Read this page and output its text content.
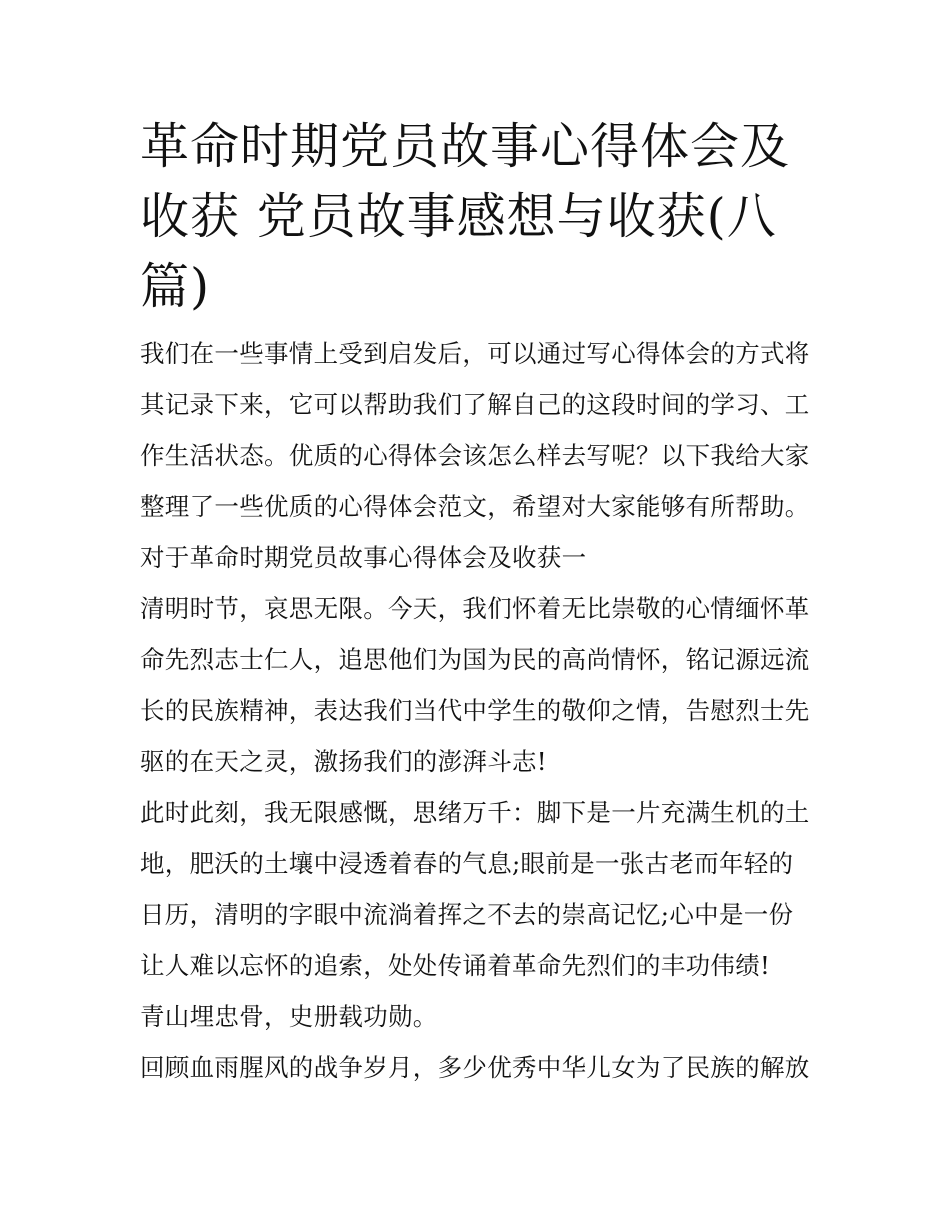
革命时期党员故事心得体会及收获 党员故事感想与收获(八篇)

我们在一些事情上受到启发后，可以通过写心得体会的方式将其记录下来，它可以帮助我们了解自己的这段时间的学习、工作生活状态。优质的心得体会该怎么样去写呢？以下我给大家整理了一些优质的心得体会范文，希望对大家能够有所帮助。

对于革命时期党员故事心得体会及收获一

清明时节，哀思无限。今天，我们怀着无比崇敬的心情缅怀革命先烈志士仁人，追思他们为国为民的高尚情怀，铭记源远流长的民族精神，表达我们当代中学生的敬仰之情，告慰烈士先驱的在天之灵，激扬我们的澎湃斗志!

此时此刻，我无限感慨，思绪万千：脚下是一片充满生机的土地，肥沃的土壤中浸透着春的气息;眼前是一张古老而年轻的日历，清明的字眼中流淌着挥之不去的崇高记忆;心中是一份让人难以忘怀的追索，处处传诵着革命先烈们的丰功伟绩!

青山埋忠骨，史册载功勋。

回顾血雨腥风的战争岁月，多少优秀中华儿女为了民族的解放
